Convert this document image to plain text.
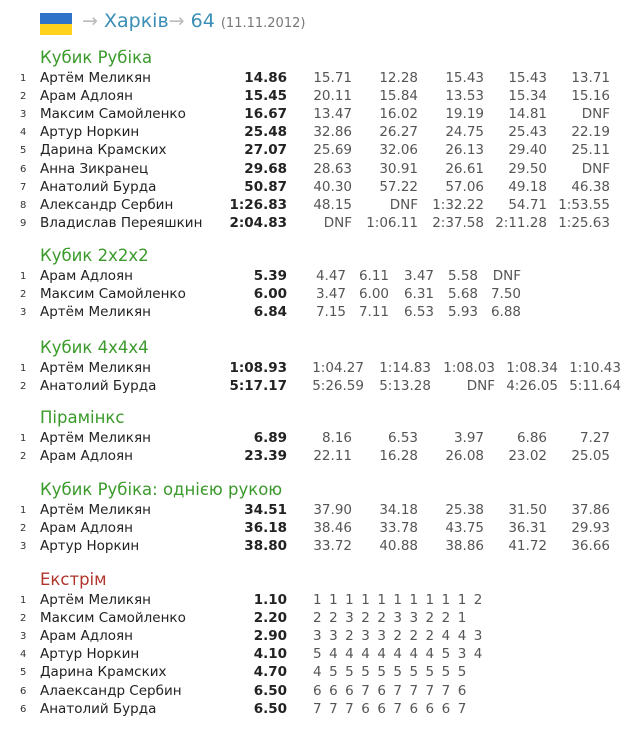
→ Харків→ 64 (11.11.2012)
Кубик Рубіка
1 Артём Меликян	14.86 15.71 12.28 15.43 15.43 13.71
2 Арам Адлоян	15.45 20.11 15.84 13.53 15.34 15.16
3 Максим Самойленко	16.67 13.47 16.02 19.19 14.81	DNF
4 Артур Норкин	25.48 32.86 26.27 24.75 25.43 22.19
5 Дарина Крамских	27.07 25.69 32.06 26.13 29.40 25.11
6 Анна Зикранец	29.68 28.63 30.91 26.61 29.50	DNF
7 Анатолий Бурда	50.87 40.30 57.22 57.06 49.18 46.38
8 Александр Сербин	1:26.83 48.15	DNF 1:32.22 54.71 1:53.55
9 Владислав Переяшкин 2:04.83	DNF 1:06.11 2:37.58 2:11.28 1:25.63
Кубик 2x2x2
1 Арам Адлоян	5.39 4.47 6.11 3.47 5.58 DNF
2 Максим Самойленко	6.00 3.47 6.00 6.31 5.68 7.50
3 Артём Меликян	6.84 7.15 7.11 6.53 5.93 6.88
Кубик 4x4x4
1 Артём Меликян	1:08.93 1:04.27 1:14.83 1:08.03 1:08.34 1:10.43
2 Анатолий Бурда	5:17.17 5:26.59 5:13.28	DNF 4:26.05 5:11.64
Пірамінкс
1 Артём Меликян	6.89	8.16	6.53	3.97 6.86 7.27
2 Арам Адлоян	23.39 22.11 16.28 26.08 23.02 25.05
Кубик Рубіка: однією рукою
1 Артём Меликян	34.51 37.90 34.18 25.38 31.50 37.86
2 Арам Адлоян	36.18 38.46 33.78 43.75 36.31 29.93
3 Артур Норкин	38.80 33.72 40.88 38.86 41.72 36.66
Екстрім
1 Артём Меликян	1.10 1 1 1 1 1 1 1 1 1 1 2
2 Максим Самойленко	2.20 2 2 3 2 2 3 3 2 2 1
3 Арам Адлоян	2.90 3 3 2 3 3 2 2 2 4 4 3
4 Артур Норкин	4.10 5 4 4 4 4 4 4 4 5 3 4
5 Дарина Крамских	4.70 4 5 5 5 5 5 5 5 5 5
6 Алаександр Сербин	6.50 6 6 6 7 6 7 7 7 7 6
6 Анатолий Бурда	6.50 7 7 7 6 6 7 6 6 6 7
